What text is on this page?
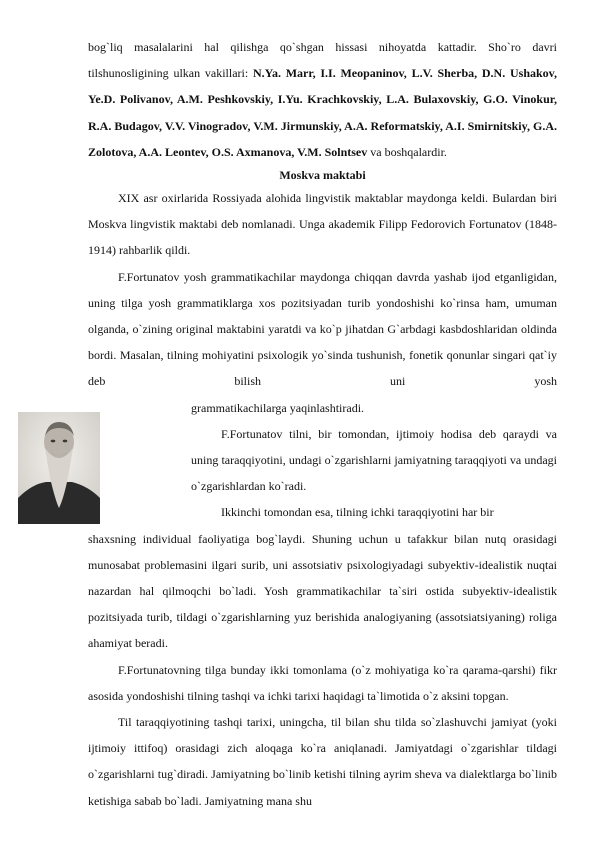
bog`liq masalalarini hal qilishga qo`shgan hissasi nihoyatda kattadir. Sho`ro davri tilshunosligining ulkan vakillari: N.Ya. Marr, I.I. Meopaninov, L.V. Sherba, D.N. Ushakov, Ye.D. Polivanov, A.M. Peshkovskiy, I.Yu. Krachkovskiy, L.A. Bulaxovskiy, G.O. Vinokur, R.A. Budagov, V.V. Vinogradov, V.M. Jirmunskiy, A.A. Reformatskiy, A.I. Smirnitskiy, G.A. Zolotova, A.A. Leontev, O.S. Axmanova, V.M. Solntsev va boshqalardir.

Moskva maktabi

XIX asr oxirlarida Rossiyada alohida lingvistik maktablar maydonga keldi. Bulardan biri Moskva lingvistik maktabi deb nomlanadi. Unga akademik Filipp Fedorovich Fortunatov (1848-1914) rahbarlik qildi.

F.Fortunatov yosh grammatikachilar maydonga chiqqan davrda yashab ijod etganligidan, uning tilga yosh grammatiklarga xos pozitsiyadan turib yondoshishi ko`rinsa ham, umuman olganda, o`zining original maktabini yaratdi va ko`p jihatdan G`arbdagi kasbdoshlaridan oldinda bordi. Masalan, tilning mohiyatini psixologik yo`sinda tushunish, fonetik qonunlar singari qat`iy deb bilish uni yosh

grammatikachilarga yaqinlashtiradi.

F.Fortunatov tilni, bir tomondan, ijtimoiy hodisa deb qaraydi va uning taraqqiyotini, undagi o`zgarishlarni jamiyatning taraqqiyoti va undagi o`zgarishlardan ko`radi.

Ikkinchi tomondan esa, tilning ichki taraqqiyotini har bir

shaxsning individual faoliyatiga bog`laydi. Shuning uchun u tafakkur bilan nutq orasidagi munosabat problemasini ilgari surib, uni assotsiativ psixologiyadagi subyektiv-idealistik nuqtai nazardan hal qilmoqchi bo`ladi. Yosh grammatikachilar ta`siri ostida subyektiv-idealistik pozitsiyada turib, tildagi o`zgarishlarning yuz berishida analogiyaning (assotsiatsiyaning) roliga ahamiyat beradi.

F.Fortunatovning tilga bunday ikki tomonlama (o`z mohiyatiga ko`ra qarama-qarshi) fikr asosida yondoshishi tilning tashqi va ichki tarixi haqidagi ta`limotida o`z aksini topgan.

Til taraqqiyotining tashqi tarixi, uningcha, til bilan shu tilda so`zlashuvchi jamiyat (yoki ijtimoiy ittifoq) orasidagi zich aloqaga ko`ra aniqlanadi. Jamiyatdagi o`zgarishlar tildagi o`zgarishlarni tug`diradi. Jamiyatning bo`linib ketishi tilning ayrim sheva va dialektlarga bo`linib ketishiga sabab bo`ladi. Jamiyatning mana shu
